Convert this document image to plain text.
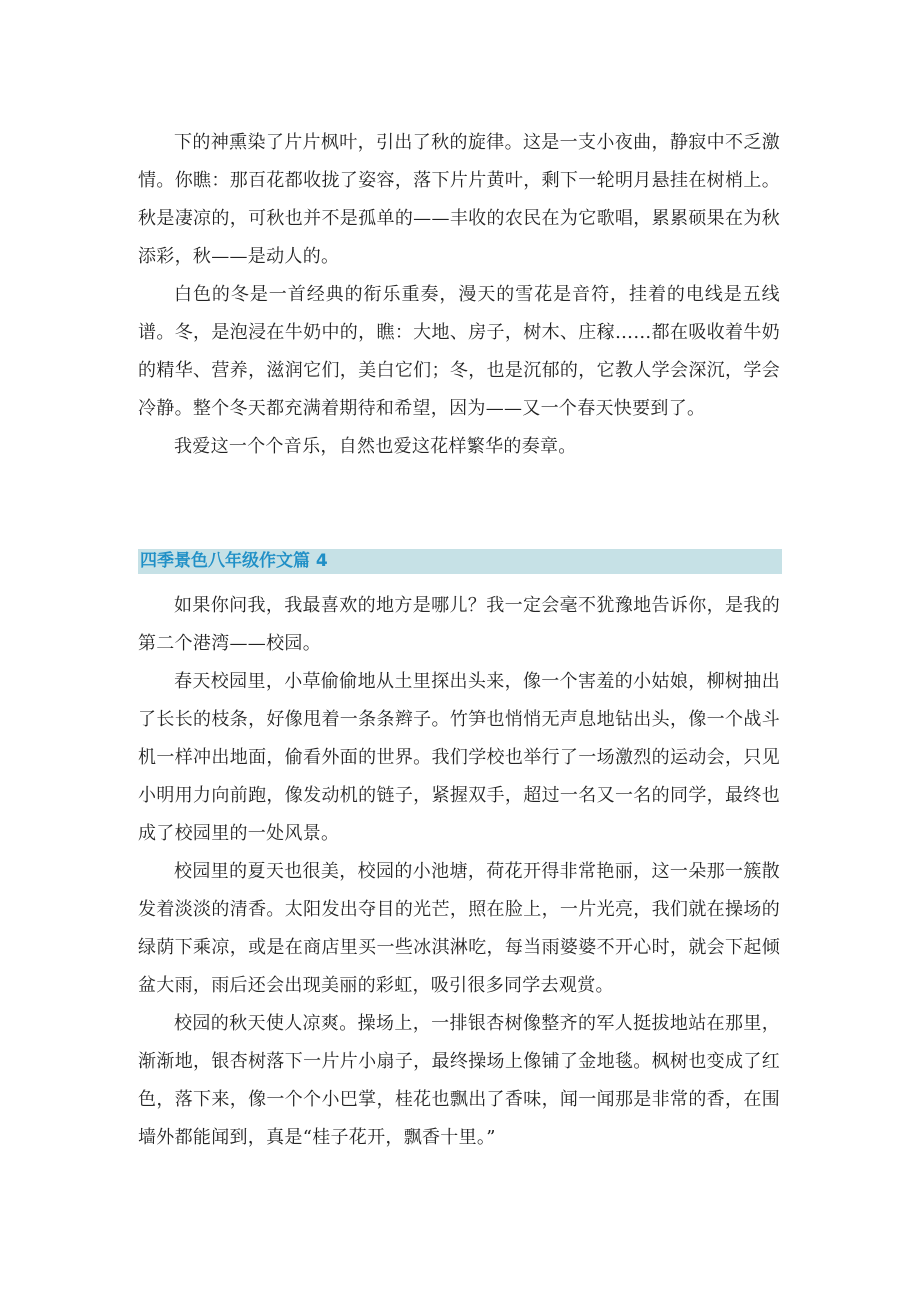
下的神熏染了片片枫叶，引出了秋的旋律。这是一支小夜曲，静寂中不乏激情。你瞧：那百花都收拢了姿容，落下片片黄叶，剩下一轮明月悬挂在树梢上。秋是凄凉的，可秋也并不是孤单的——丰收的农民在为它歌唱，累累硕果在为秋添彩，秋——是动人的。

白色的冬是一首经典的衔乐重奏，漫天的雪花是音符，挂着的电线是五线谱。冬，是泡浸在牛奶中的，瞧：大地、房子，树木、庄稼……都在吸收着牛奶的精华、营养，滋润它们，美白它们；冬，也是沉郁的，它教人学会深沉，学会冷静。整个冬天都充满着期待和希望，因为——又一个春天快要到了。

我爱这一个个音乐，自然也爱这花样繁华的奏章。

四季景色八年级作文篇 4

如果你问我，我最喜欢的地方是哪儿？我一定会毫不犹豫地告诉你，是我的第二个港湾——校园。

春天校园里，小草偷偷地从土里探出头来，像一个害羞的小姑娘，柳树抽出了长长的枝条，好像甩着一条条辫子。竹笋也悄悄无声息地钻出头，像一个战斗机一样冲出地面，偷看外面的世界。我们学校也举行了一场激烈的运动会，只见小明用力向前跑，像发动机的链子，紧握双手，超过一名又一名的同学，最终也成了校园里的一处风景。

校园里的夏天也很美，校园的小池塘，荷花开得非常艳丽，这一朵那一簇散发着淡淡的清香。太阳发出夺目的光芒，照在脸上，一片光亮，我们就在操场的绿荫下乘凉，或是在商店里买一些冰淇淋吃，每当雨婆婆不开心时，就会下起倾盆大雨，雨后还会出现美丽的彩虹，吸引很多同学去观赏。

校园的秋天使人凉爽。操场上，一排银杏树像整齐的军人挺拔地站在那里，渐渐地，银杏树落下一片片小扇子，最终操场上像铺了金地毯。枫树也变成了红色，落下来，像一个个小巴掌，桂花也飘出了香味，闻一闻那是非常的香，在围墙外都能闻到，真是“桂子花开，飘香十里。”
